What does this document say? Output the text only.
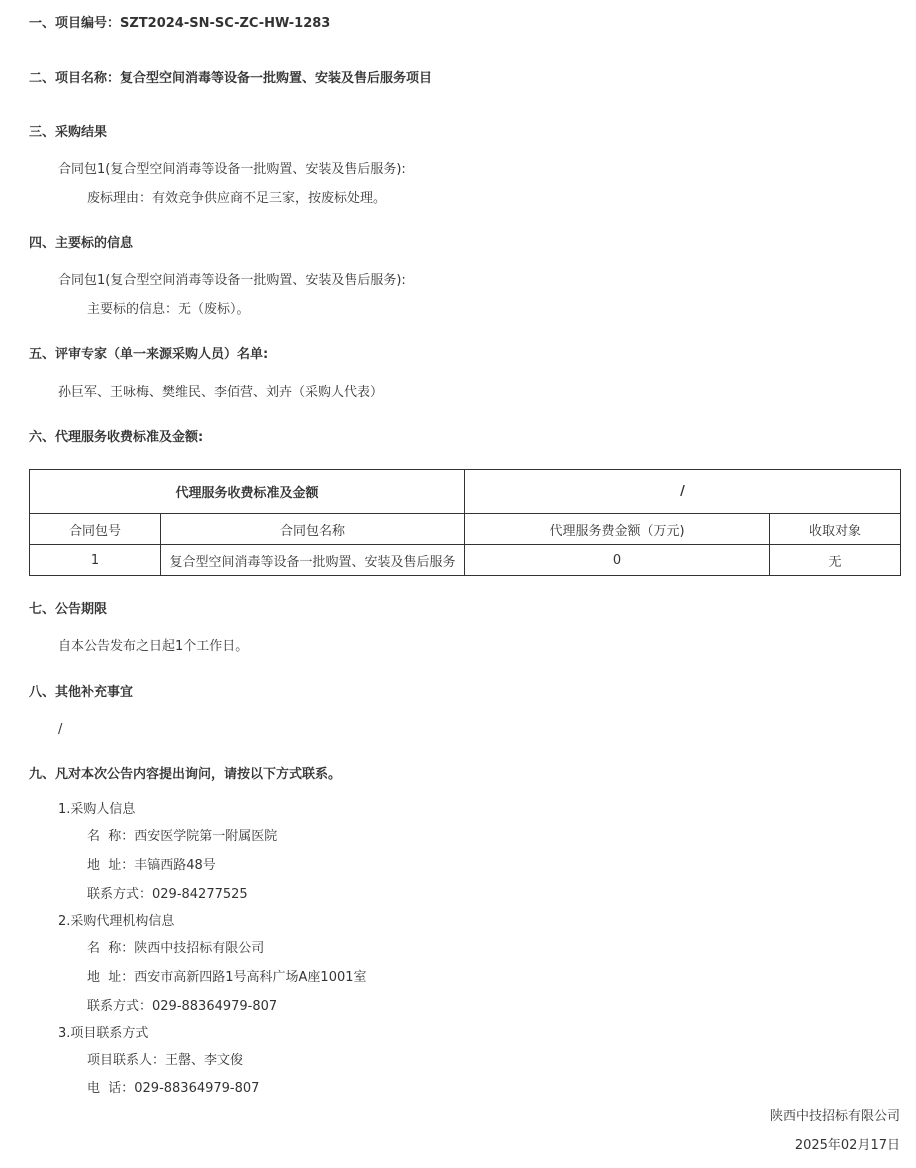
一、项目编号：SZT2024-SN-SC-ZC-HW-1283
二、项目名称：复合型空间消毒等设备一批购置、安装及售后服务项目
三、采购结果
合同包1(复合型空间消毒等设备一批购置、安装及售后服务):
废标理由：有效竞争供应商不足三家，按废标处理。
四、主要标的信息
合同包1(复合型空间消毒等设备一批购置、安装及售后服务):
主要标的信息：无（废标）。
五、评审专家（单一来源采购人员）名单:
孙巨军、王咏梅、樊维民、李佰营、刘卉（采购人代表）
六、代理服务收费标准及金额:
代理服务收费标准及金额		/	
合同包号	合同包名称	代理服务费金额（万元)	收取对象
1	复合型空间消毒等设备一批购置、安装及售后服务	0	无
七、公告期限
自本公告发布之日起1个工作日。
八、其他补充事宜
/
九、凡对本次公告内容提出询问，请按以下方式联系。
1.采购人信息
名  称：西安医学院第一附属医院
地  址：丰镐西路48号
联系方式：029-84277525
2.采购代理机构信息
名  称：陕西中技招标有限公司
地  址：西安市高新四路1号高科广场A座1001室
联系方式：029-88364979-807
3.项目联系方式
项目联系人：王罄、李文俊
电  话：029-88364979-807
陕西中技招标有限公司
2025年02月17日
